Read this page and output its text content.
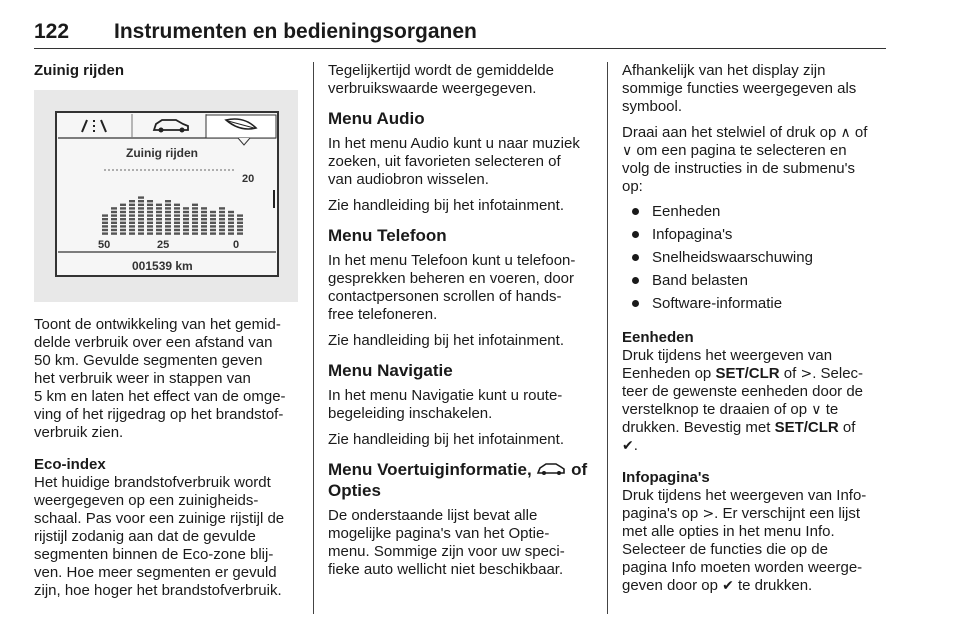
122 Instrumenten en bedieningsorganen
Zuinig rijden
Zuinig rijden
20
50	25	0
001539 km

Toont de ontwikkeling van het gemid-
delde verbruik over een afstand van
50 km. Gevulde segmenten geven
het verbruik weer in stappen van
5 km en laten het effect van de omge-
ving of het rijgedrag op het brandstof-
verbruik zien.

Eco-index

Het huidige brandstofverbruik wordt
weergegeven op een zuinigheids-
schaal. Pas voor een zuinige rijstijl de
rijstijl zodanig aan dat de gevulde
segmenten binnen de Eco-zone blij-
ven. Hoe meer segmenten er gevuld
zijn, hoe hoger het brandstofverbruik.

Tegelijkertijd wordt de gemiddelde
verbruikswaarde weergegeven.

Menu Audio

In het menu Audio kunt u naar muziek
zoeken, uit favorieten selecteren of
van audiobron wisselen.

Zie handleiding bij het infotainment.

Menu Telefoon

In het menu Telefoon kunt u telefoon-
gesprekken beheren en voeren, door
contactpersonen scrollen of hands-
free telefoneren.

Zie handleiding bij het infotainment.

Menu Navigatie

In het menu Navigatie kunt u route-
begeleiding inschakelen.

Zie handleiding bij het infotainment.

Menu Voertuiginformatie, of
Opties

De onderstaande lijst bevat alle
mogelijke pagina's van het Optie-
menu. Sommige zijn voor uw speci-
fieke auto wellicht niet beschikbaar.

Afhankelijk van het display zijn
sommige functies weergegeven als
symbool.

Draai aan het stelwiel of druk op ∧ of
∨ om een pagina te selecteren en
volg de instructies in de submenu's
op:

Eenheden
Infopagina's
Snelheidswaarschuwing
Band belasten
Software-informatie
Eenheden

Druk tijdens het weergeven van
Eenheden op SET/CLR of >. Selec-
teer de gewenste eenheden door de
verstelknop te draaien of op ∨ te
drukken. Bevestig met SET/CLR of
✔.

Infopagina's

Druk tijdens het weergeven van Info-
pagina's op >. Er verschijnt een lijst
met alle opties in het menu Info.
Selecteer de functies die op de
pagina Info moeten worden weerge-
geven door op ✔ te drukken.
